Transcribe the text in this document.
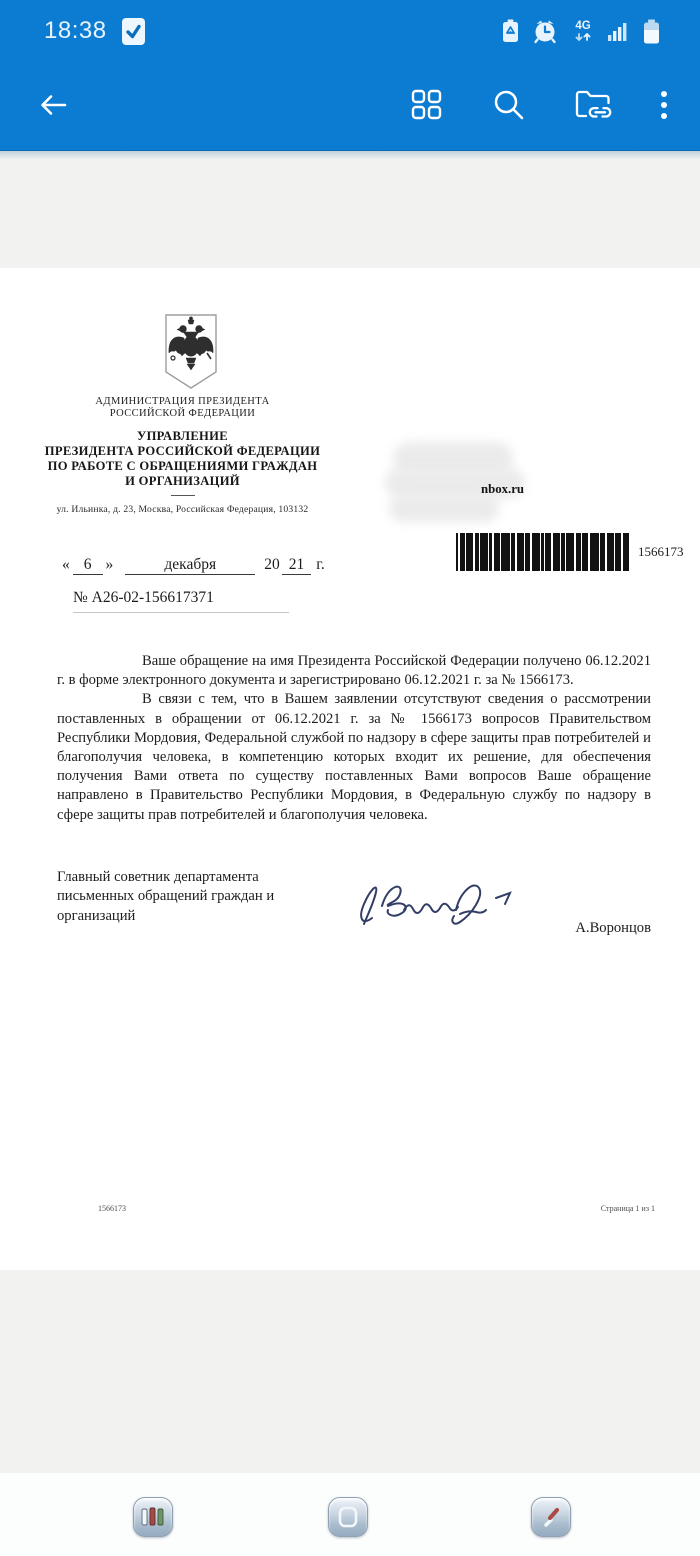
18:38	4G
АДМИНИСТРАЦИЯ ПРЕЗИДЕНТА
РОССИЙСКОЙ ФЕДЕРАЦИИ
УПРАВЛЕНИЕ
ПРЕЗИДЕНТА РОССИЙСКОЙ ФЕДЕРАЦИИ
ПО РАБОТЕ С ОБРАЩЕНИЯМИ ГРАЖДАН
И ОРГАНИЗАЦИЙ
ул. Ильинка, д. 23, Москва, Российская Федерация, 103132
nbox.ru
1566173
« 6 »	декабря	20 21 г.
№ А26-02-156617371

Ваше обращение на имя Президента Российской Федерации получено 06.12.2021 г. в форме электронного документа и зарегистрировано 06.12.2021 г. за № 1566173.

В связи с тем, что в Вашем заявлении отсутствуют сведения о рассмотрении поставленных в обращении от 06.12.2021 г. за № 1566173 вопросов Правительством Республики Мордовия, Федеральной службой по надзору в сфере защиты прав потребителей и благополучия человека, в компетенцию которых входит их решение, для обеспечения получения Вами ответа по существу поставленных Вами вопросов Ваше обращение направлено в Правительство Республики Мордовия, в Федеральную службу по надзору в сфере защиты прав потребителей и благополучия человека.

Главный советник департамента
письменных обращений граждан и
организаций
А.Воронцов
1566173	Страница 1 из 1
